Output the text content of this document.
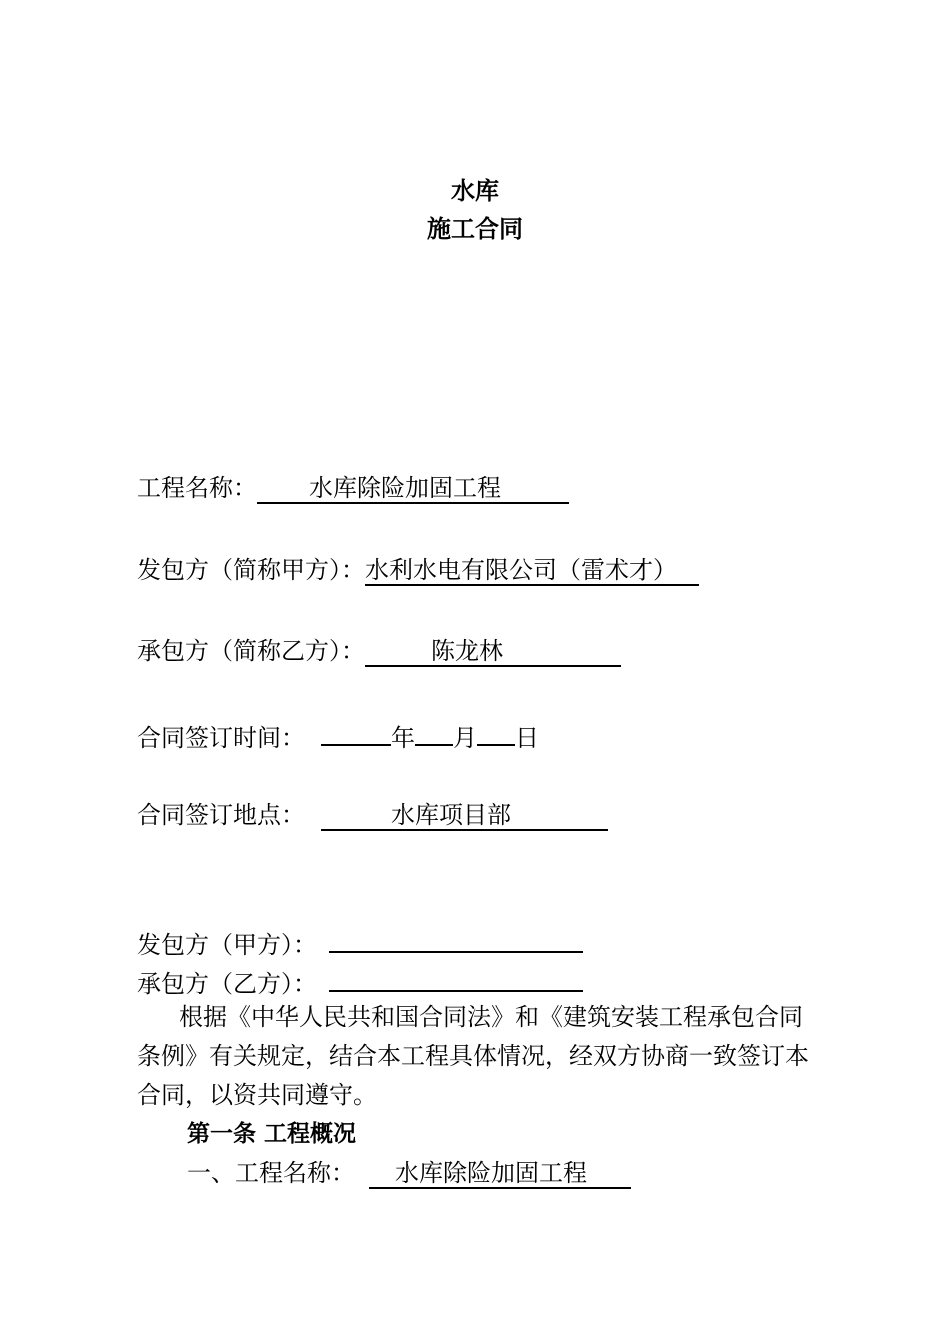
水库
施工合同
工程名称： 水库除险加固工程
发包方（简称甲方）：水利水电有限公司（雷术才）
承包方（简称乙方）：	陈龙林
合同签订时间：	年 月 日
合同签订地点：	水库项目部
发包方（甲方）：
承包方（乙方）：
根据《中华人民共和国合同法》和《建筑安装工程承包合同条例》有关规定，结合本工程具体情况，经双方协商一致签订本合同，以资共同遵守。
第一条 工程概况
一、工程名称： 水库除险加固工程
